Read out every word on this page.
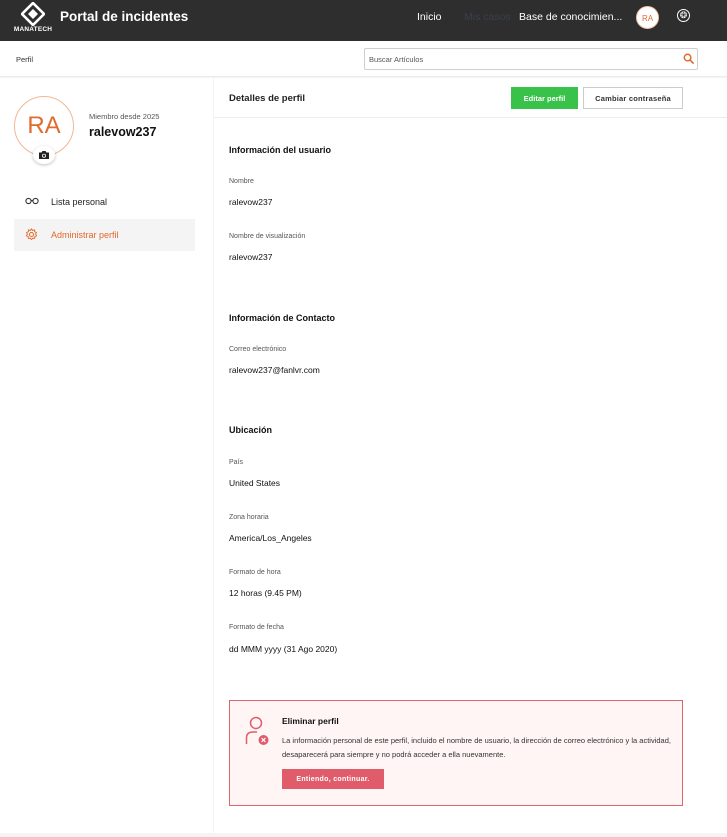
MANATECH
Portal de incidentes	Inicio Mis casos Base de conocimien...	RA	❂
Perfil
Buscar Artículos
RA	Miembro desde 2025
ralevow237
Lista personal
Administrar perfil
Detalles de perfil	Editar perfil	Cambiar contraseña
Información del usuario
Nombre
ralevow237
Nombre de visualización
ralevow237
Información de Contacto
Correo electrónico
ralevow237@fanlvr.com
Ubicación
País
United States
Zona horaria
America/Los_Angeles
Formato de hora
12 horas (9.45 PM)
Formato de fecha
dd MMM yyyy (31 Ago 2020)
Eliminar perfil
La información personal de este perfil, incluido el nombre de usuario, la dirección de correo electrónico y la actividad, desaparecerá para siempre y no podrá acceder a ella nuevamente.
Entiendo, continuar.
